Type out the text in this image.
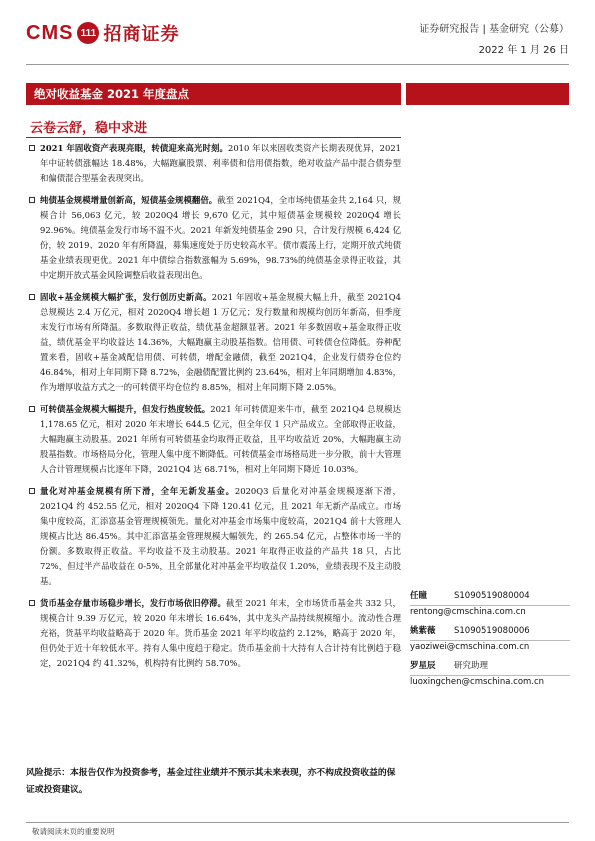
CMS 111 招商证券	证券研究报告 | 基金研究（公募）
2022 年 1 月 26 日
绝对收益基金 2021 年度盘点
云卷云舒，稳中求进
2021 年固收资产表现亮眼，转债迎来高光时刻。2010 年以来固收类资产长期表现优异，2021 年中证转债涨幅达 18.48%，大幅跑赢股票、利率债和信用债指数，绝对收益产品中混合债券型和偏债混合型基金表现突出。
纯债基金规模增量创新高，短债基金规模翻倍。截至 2021Q4，全市场纯债基金共 2,164 只，规模合计 56,063 亿元，较 2020Q4 增长 9,670 亿元，其中短债基金规模较 2020Q4 增长 92.96%。纯债基金发行市场不温不火。2021 年新发纯债基金 290 只，合计发行规模 6,424 亿份，较 2019、2020 年有所降温，募集速度处于历史较高水平。债市震荡上行，定期开放式纯债基金业绩表现更优。2021 年中债综合指数涨幅为 5.69%，98.73%的纯债基金录得正收益，其中定期开放式基金风险调整后收益表现出色。
固收+基金规模大幅扩张，发行创历史新高。2021 年固收+基金规模大幅上升，截至 2021Q4 总规模达 2.4 万亿元，相对 2020Q4 增长超 1 万亿元；发行数量和规模均创历年新高，但季度末发行市场有所降温。多数取得正收益，绩优基金超额显著。2021 年多数固收+基金取得正收益，绩优基金平均收益达 14.36%，大幅跑赢主动股基指数。信用债、可转债仓位降低。券种配置来看，固收+基金减配信用债、可转债，增配金融债，截至 2021Q4，企业发行债券仓位约 46.84%，相对上年同期下降 8.72%，金融债配置比例约 23.64%，相对上年同期增加 4.83%，作为增厚收益方式之一的可转债平均仓位约 8.85%，相对上年同期下降 2.05%。
可转债基金规模大幅提升，但发行热度较低。2021 年可转债迎来牛市，截至 2021Q4 总规模达 1,178.65 亿元，相对 2020 年末增长 644.5 亿元，但全年仅 1 只产品成立。全部取得正收益，大幅跑赢主动股基。2021 年所有可转债基金均取得正收益，且平均收益近 20%，大幅跑赢主动股基指数。市场格局分化，管理人集中度不断降低。可转债基金市场格局进一步分散，前十大管理人合计管理规模占比逐年下降，2021Q4 达 68.71%，相对上年同期下降近 10.03%。
量化对冲基金规模有所下滑，全年无新发基金。2020Q3 后量化对冲基金规模逐渐下滑，2021Q4 约 452.55 亿元，相对 2020Q4 下降 120.41 亿元，且 2021 年无新产品成立。市场集中度较高，汇添富基金管理规模领先。量化对冲基金市场集中度较高，2021Q4 前十大管理人规模占比达 86.45%。其中汇添富基金管理规模大幅领先，约 265.54 亿元，占整体市场一半的份额。多数取得正收益。平均收益不及主动股基。2021 年取得正收益的产品共 18 只，占比 72%，但过半产品收益在 0-5%，且全部量化对冲基金平均收益仅 1.20%，业绩表现不及主动股基。
货币基金存量市场稳步增长，发行市场依旧停滞。截至 2021 年末，全市场货币基金共 332 只，规模合计 9.39 万亿元，较 2020 年末增长 16.64%，其中龙头产品持续规模缩小。流动性合理充裕，货基平均收益略高于 2020 年。货币基金 2021 年平均收益约 2.12%，略高于 2020 年，但仍处于近十年较低水平。持有人集中度趋于稳定。货币基金前十大持有人合计持有比例趋于稳定，2021Q4 约 41.32%，机构持有比例约 58.70%。
风险提示：本报告仅作为投资参考，基金过往业绩并不预示其未来表现，亦不构成投资收益的保证或投资建议。
任瞳	S1090519080004
rentong@cmschina.com.cn
姚紫薇 S1090519080006
yaoziwei@cmschina.com.cn
罗星辰 研究助理
luoxingchen@cmschina.com.cn
敬请阅读末页的重要说明
